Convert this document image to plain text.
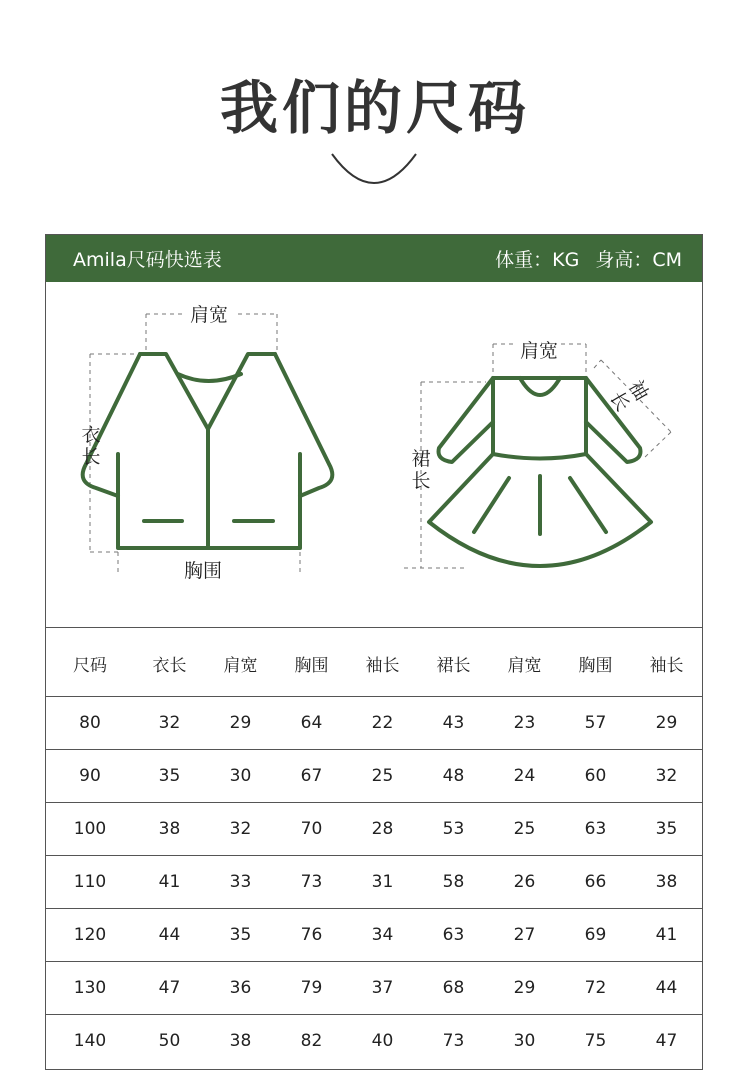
我们的尺码
Amila尺码快选表	体重：KG 身高：CM
肩宽
衣长
胸围
肩宽
袖长
裙长
尺码	衣长	肩宽	胸围	袖长	裙长	肩宽	胸围	袖长
80	32	29	64	22	43	23	57	29
90	35	30	67	25	48	24	60	32
100	38	32	70	28	53	25	63	35
110	41	33	73	31	58	26	66	38
120	44	35	76	34	63	27	69	41
130	47	36	79	37	68	29	72	44
140	50	38	82	40	73	30	75	47
